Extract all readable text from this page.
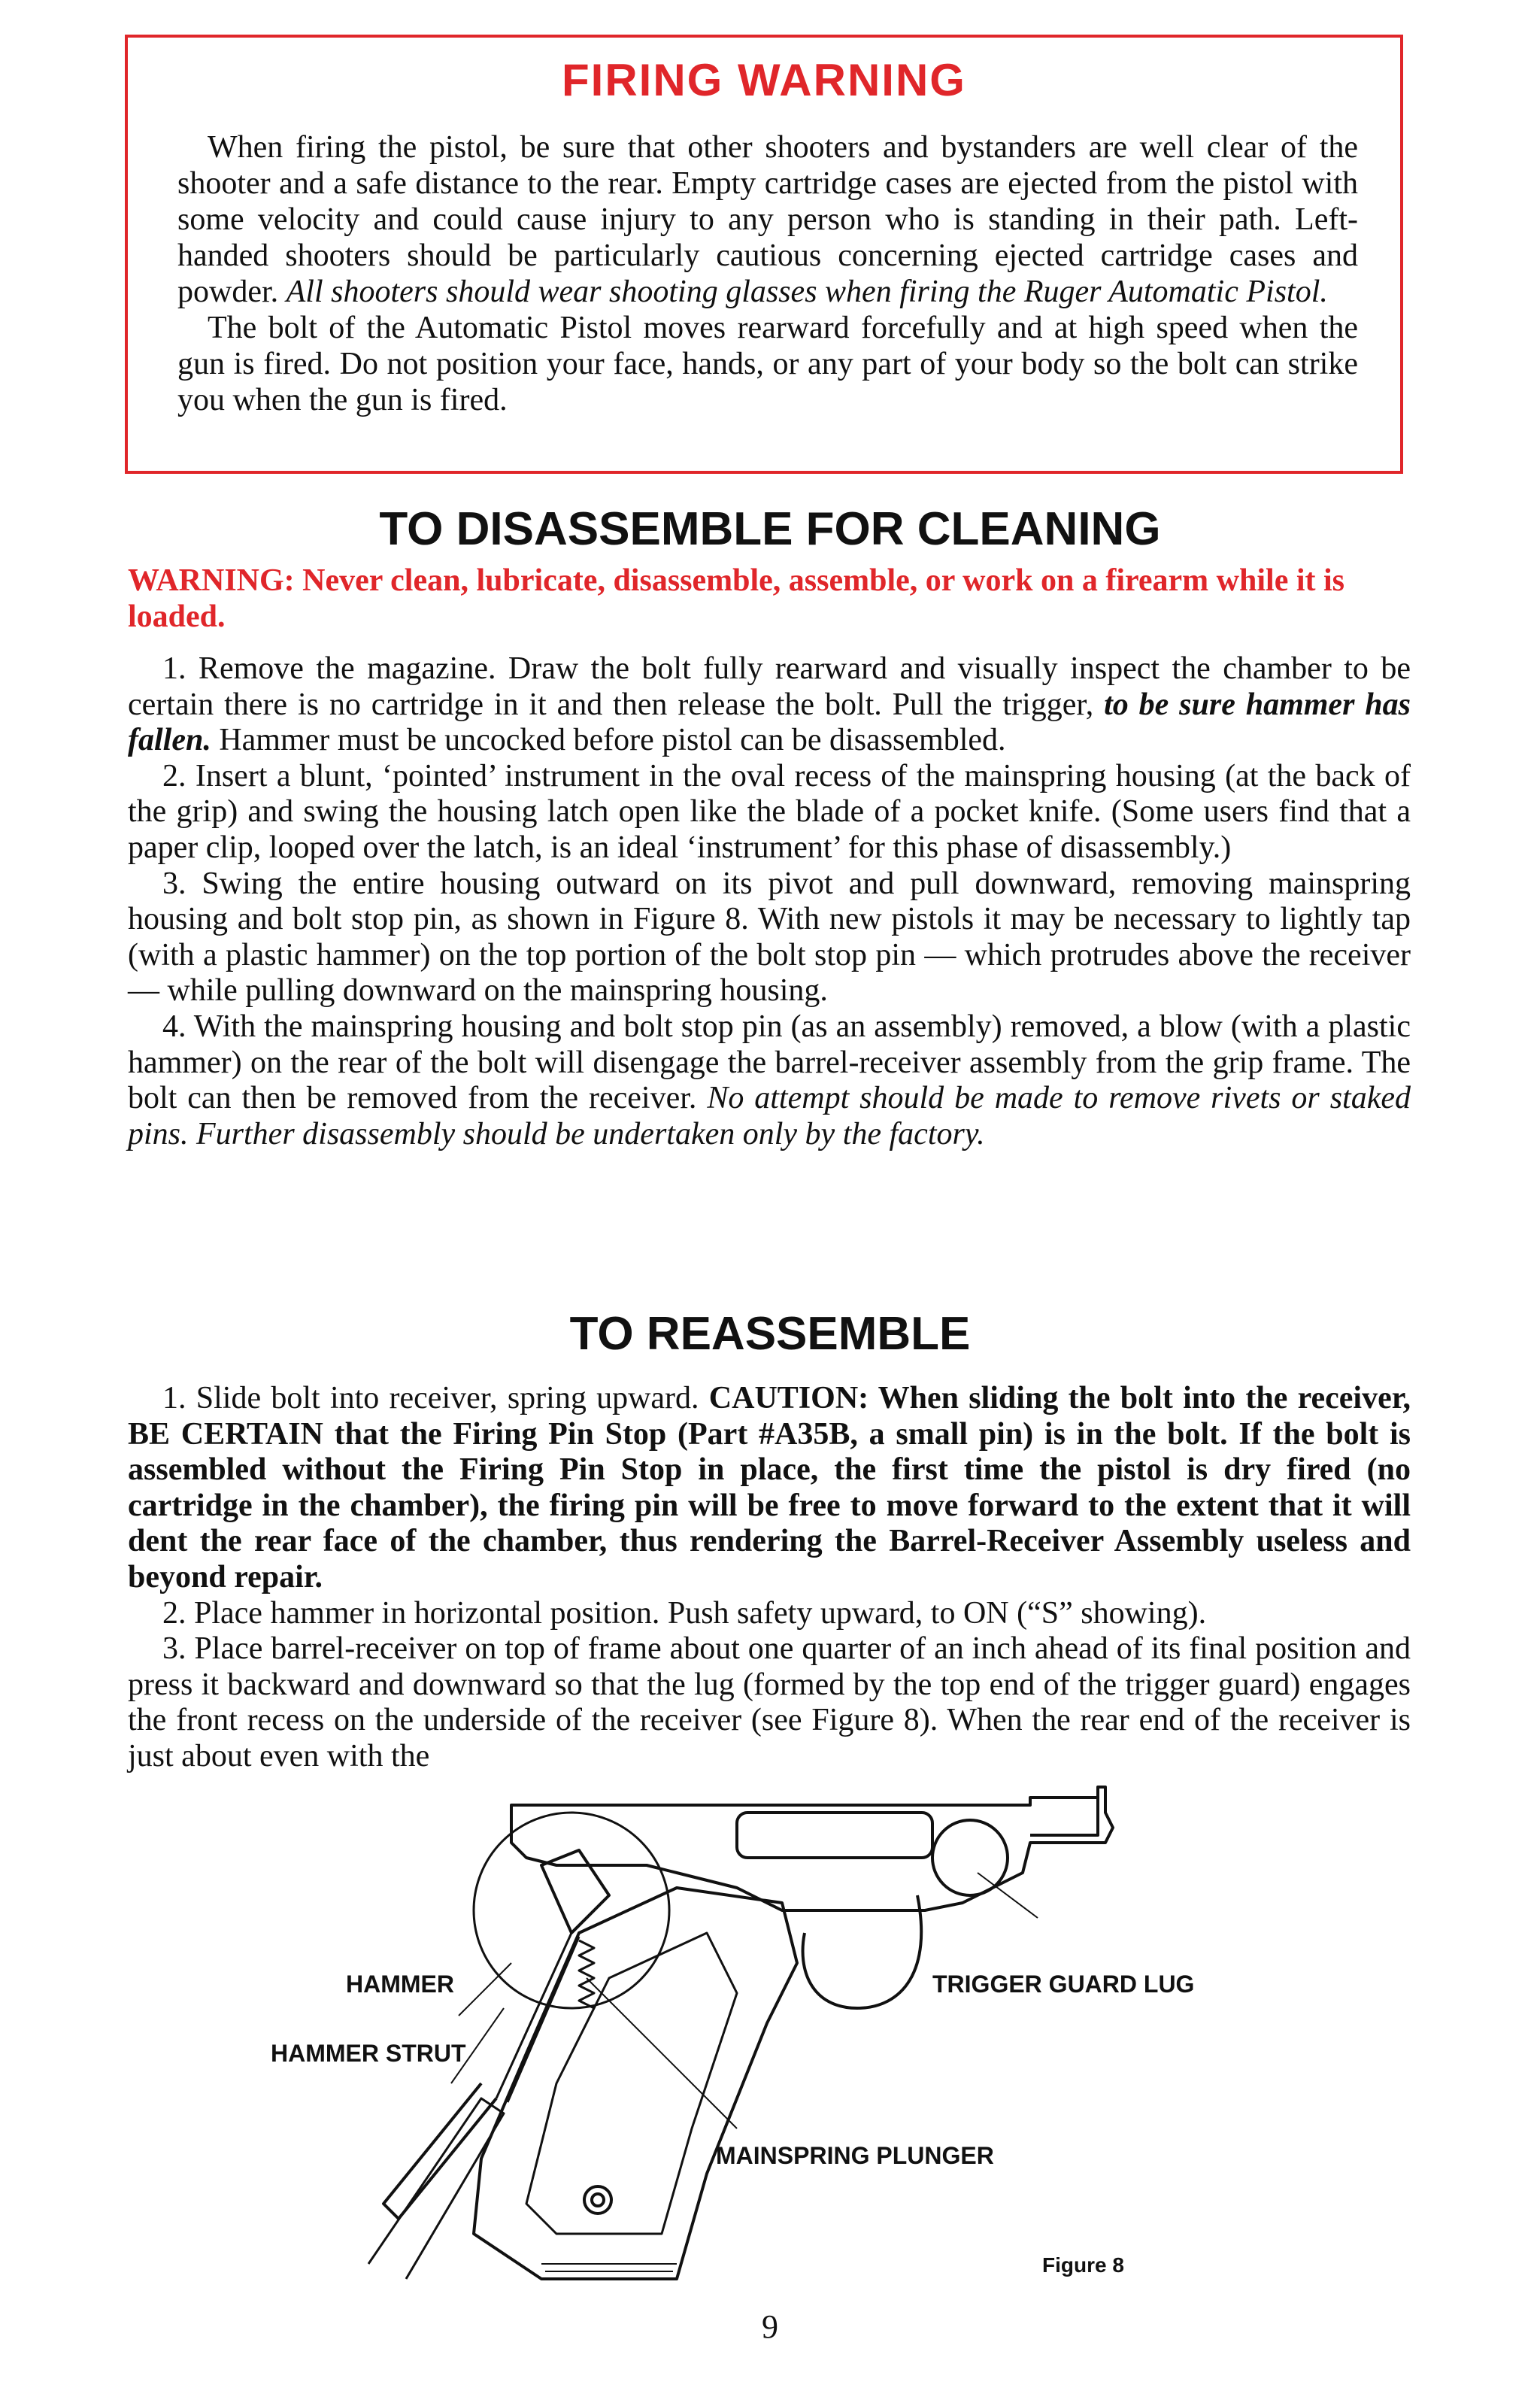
FIRING WARNING

When firing the pistol, be sure that other shooters and bystanders are well clear of the shooter and a safe distance to the rear. Empty cartridge cases are ejected from the pistol with some velocity and could cause injury to any person who is standing in their path. Left-handed shooters should be particularly cautious concerning ejected cartridge cases and powder. All shooters should wear shooting glasses when firing the Ruger Automatic Pistol.

The bolt of the Automatic Pistol moves rearward forcefully and at high speed when the gun is fired. Do not position your face, hands, or any part of your body so the bolt can strike you when the gun is fired.

TO DISASSEMBLE FOR CLEANING
WARNING: Never clean, lubricate, disassemble, assemble, or work on a firearm while it is loaded.

1. Remove the magazine. Draw the bolt fully rearward and visually inspect the chamber to be certain there is no cartridge in it and then release the bolt. Pull the trigger, to be sure hammer has fallen. Hammer must be uncocked before pistol can be disassembled.

2. Insert a blunt, ‘pointed’ instrument in the oval recess of the mainspring housing (at the back of the grip) and swing the housing latch open like the blade of a pocket knife. (Some users find that a paper clip, looped over the latch, is an ideal ‘instrument’ for this phase of disassembly.)

3. Swing the entire housing outward on its pivot and pull downward, removing mainspring housing and bolt stop pin, as shown in Figure 8. With new pistols it may be necessary to lightly tap (with a plastic hammer) on the top portion of the bolt stop pin — which protrudes above the receiver — while pulling downward on the mainspring housing.

4. With the mainspring housing and bolt stop pin (as an assembly) removed, a blow (with a plastic hammer) on the rear of the bolt will disengage the barrel-receiver assembly from the grip frame. The bolt can then be removed from the receiver. No attempt should be made to remove rivets or staked pins. Further disassembly should be undertaken only by the factory.

TO REASSEMBLE

1. Slide bolt into receiver, spring upward. CAUTION: When sliding the bolt into the receiver, BE CERTAIN that the Firing Pin Stop (Part #A35B, a small pin) is in the bolt. If the bolt is assembled without the Firing Pin Stop in place, the first time the pistol is dry fired (no cartridge in the chamber), the firing pin will be free to move forward to the extent that it will dent the rear face of the chamber, thus rendering the Barrel-Receiver Assembly useless and beyond repair.

2. Place hammer in horizontal position. Push safety upward, to ON (“S” showing).

3. Place barrel-receiver on top of frame about one quarter of an inch ahead of its final position and press it backward and downward so that the lug (formed by the top end of the trigger guard) engages the front recess on the underside of the receiver (see Figure 8). When the rear end of the receiver is just about even with the

HAMMER
HAMMER STRUT
TRIGGER GUARD LUG
MAINSPRING PLUNGER
Figure 8
9
